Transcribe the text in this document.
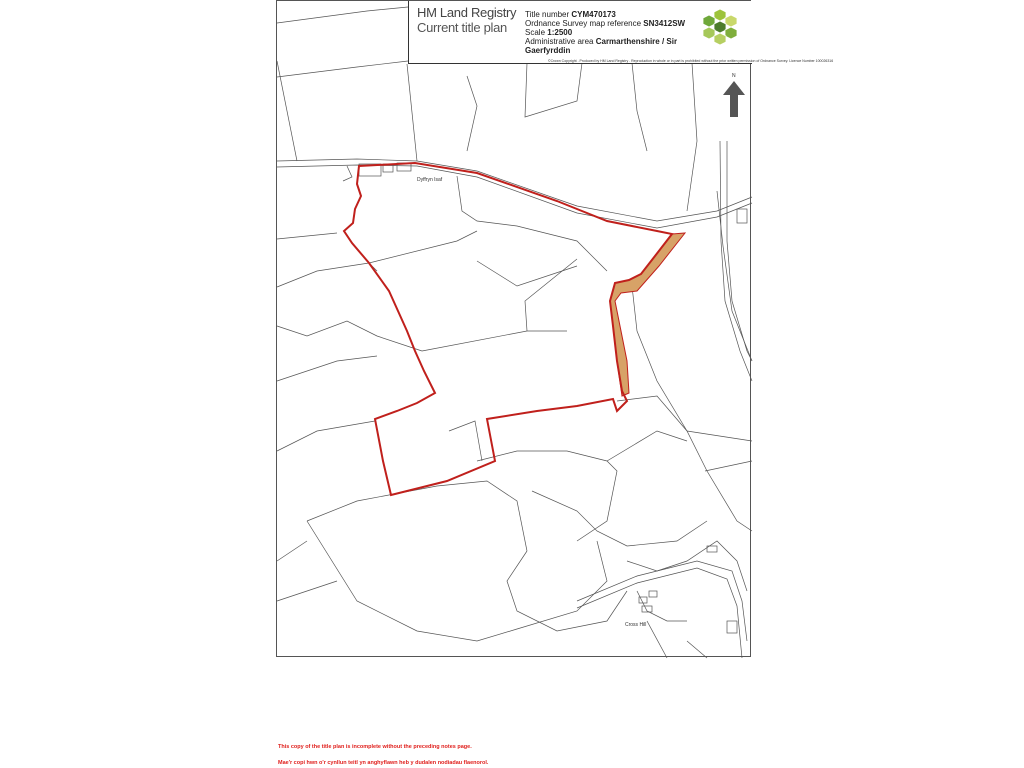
HM Land Registry
Current title plan
Title number CYM470173
Ordnance Survey map reference SN3412SW
Scale 1:2500
Administrative area Carmarthenshire / Sir Gaerfyrddin
©Crown Copyright . Produced by HM Land Registry . Reproduction in whole or in part is prohibited without the prior written permission of Ordnance Survey. Licence Number 100026316
N
Dyffryn Isaf
Cross Hill
This copy of the title plan is incomplete without the preceding notes page.
Mae'r copi hwn o'r cynllun teitl yn anghyflawn heb y dudalen nodiadau flaenorol.
